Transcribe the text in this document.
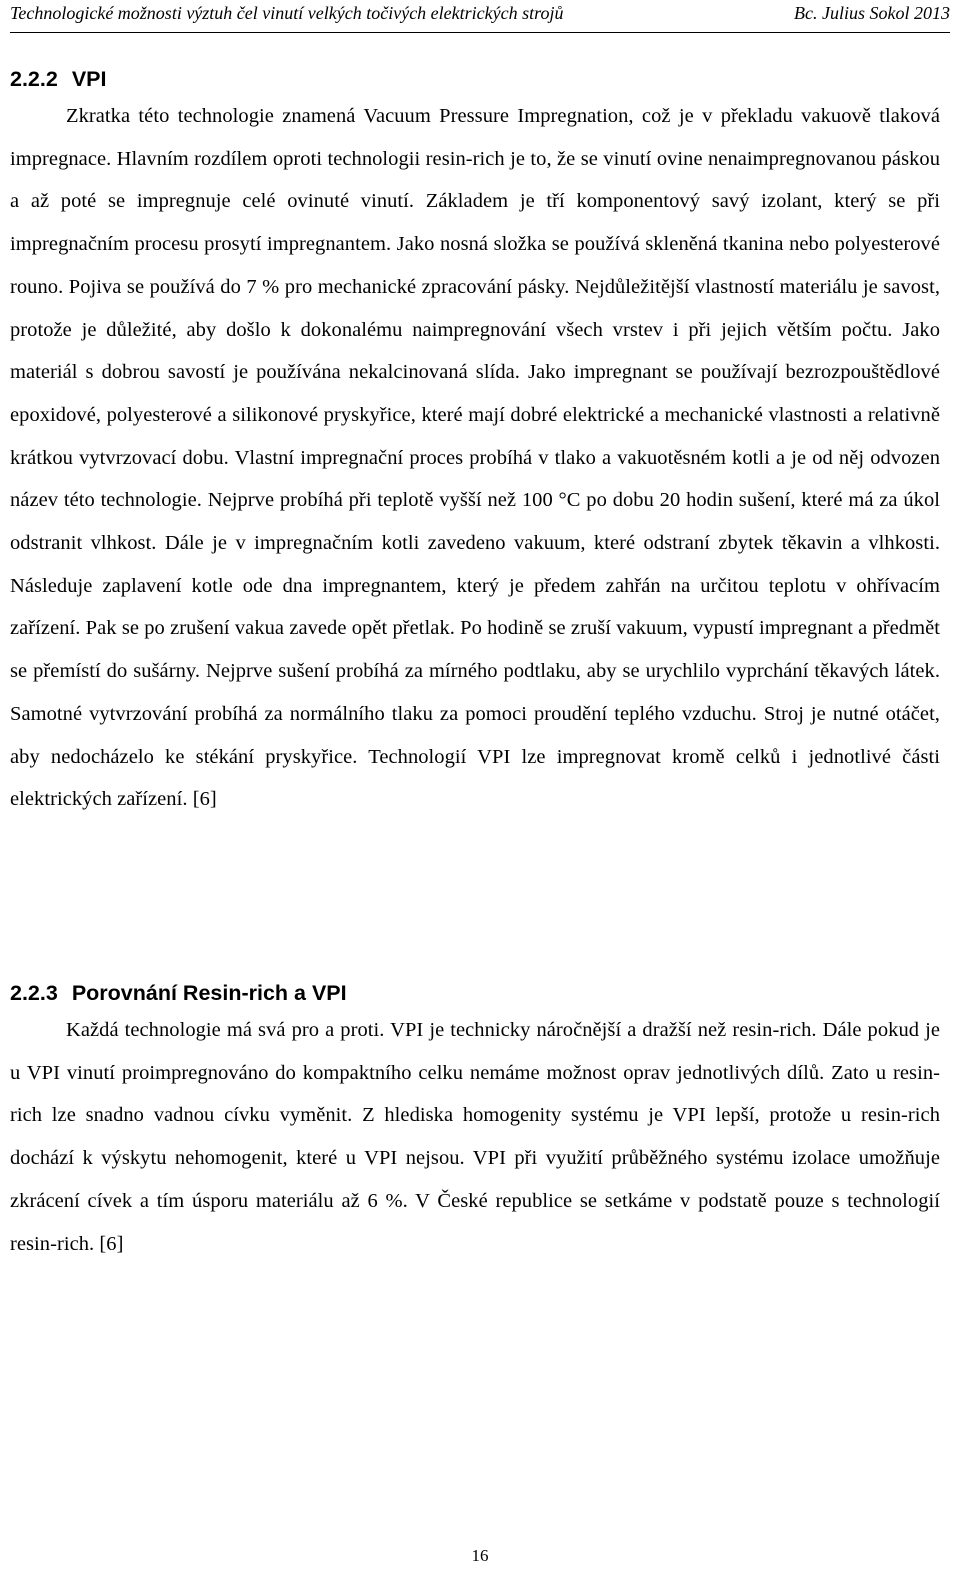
Technologické možnosti výztuh čel vinutí velkých točivých elektrických strojů	Bc. Julius Sokol 2013
2.2.2 VPI

Zkratka této technologie znamená Vacuum Pressure Impregnation, což je v překladu vakuově tlaková impregnace. Hlavním rozdílem oproti technologii resin-rich je to, že se vinutí ovine nenaimpregnovanou páskou a až poté se impregnuje celé ovinuté vinutí. Základem je tří komponentový savý izolant, který se při impregnačním procesu prosytí impregnantem. Jako nosná složka se používá skleněná tkanina nebo polyesterové rouno. Pojiva se používá do 7 % pro mechanické zpracování pásky. Nejdůležitější vlastností materiálu je savost, protože je důležité, aby došlo k dokonalému naimpregnování všech vrstev i při jejich větším počtu. Jako materiál s dobrou savostí je používána nekalcinovaná slída. Jako impregnant se používají bezrozpouštědlové epoxidové, polyesterové a silikonové pryskyřice, které mají dobré elektrické a mechanické vlastnosti a relativně krátkou vytvrzovací dobu. Vlastní impregnační proces probíhá v tlako a vakuotěsném kotli a je od něj odvozen název této technologie. Nejprve probíhá při teplotě vyšší než 100 °C po dobu 20 hodin sušení, které má za úkol odstranit vlhkost. Dále je v impregnačním kotli zavedeno vakuum, které odstraní zbytek těkavin a vlhkosti. Následuje zaplavení kotle ode dna impregnantem, který je předem zahřán na určitou teplotu v ohřívacím zařízení. Pak se po zrušení vakua zavede opět přetlak. Po hodině se zruší vakuum, vypustí impregnant a předmět se přemístí do sušárny. Nejprve sušení probíhá za mírného podtlaku, aby se urychlilo vyprchání těkavých látek. Samotné vytvrzování probíhá za normálního tlaku za pomoci proudění teplého vzduchu. Stroj je nutné otáčet, aby nedocházelo ke stékání pryskyřice. Technologií VPI lze impregnovat kromě celků i jednotlivé části elektrických zařízení. [6]

2.2.3 Porovnání Resin-rich a VPI

Každá technologie má svá pro a proti. VPI je technicky náročnější a dražší než resin-rich. Dále pokud je u VPI vinutí proimpregnováno do kompaktního celku nemáme možnost oprav jednotlivých dílů. Zato u resin-rich lze snadno vadnou cívku vyměnit. Z hlediska homogenity systému je VPI lepší, protože u resin-rich dochází k výskytu nehomogenit, které u VPI nejsou. VPI při využití průběžného systému izolace umožňuje zkrácení cívek a tím úsporu materiálu až 6 %. V České republice se setkáme v podstatě pouze s technologií resin-rich. [6]

16
